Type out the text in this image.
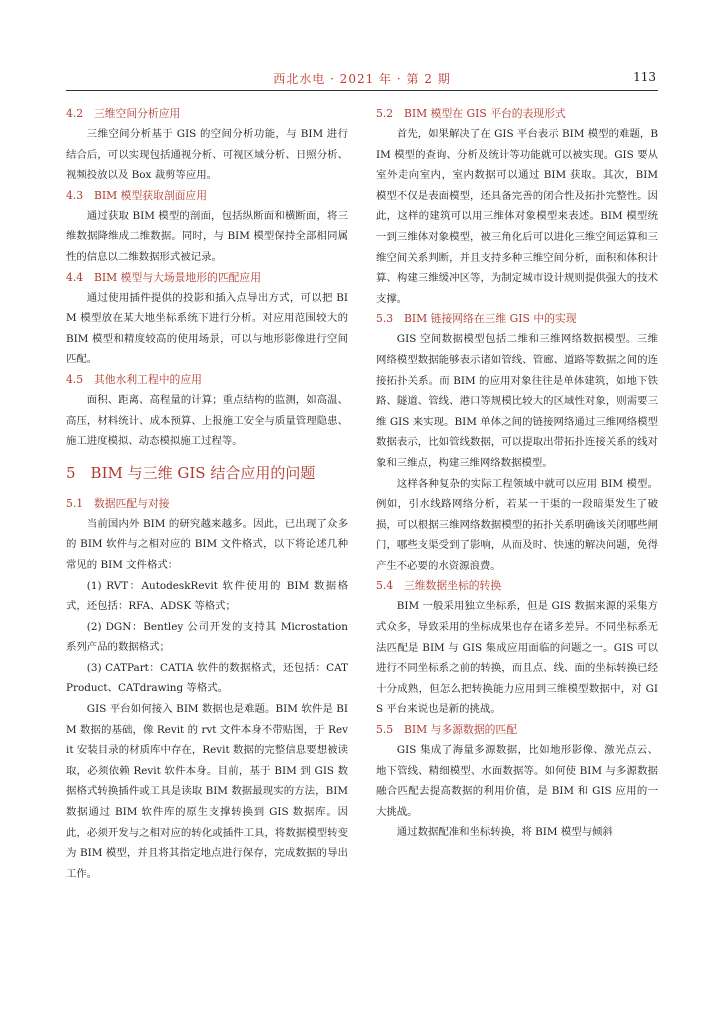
西北水电 · 2021 年 · 第 2 期	113
4.2　三维空间分析应用

三维空间分析基于 GIS 的空间分析功能，与 BIM 进行结合后，可以实现包括通视分析、可视区域分析、日照分析、视频投放以及 Box 裁剪等应用。

4.3　BIM 模型获取剖面应用

通过获取 BIM 模型的剖面，包括纵断面和横断面，将三维数据降维成二维数据。同时，与 BIM 模型保持全部相同属性的信息以二维数据形式被记录。

4.4　BIM 模型与大场景地形的匹配应用

通过使用插件提供的投影和插入点导出方式，可以把 BIM 模型放在某大地坐标系统下进行分析。对应用范围较大的 BIM 模型和精度较高的使用场景，可以与地形影像进行空间匹配。

4.5　其他水利工程中的应用

面积、距离、高程量的计算；重点结构的监测，如高温、高压，材料统计、成本预算、上报施工安全与质量管理隐患、施工进度模拟、动态模拟施工过程等。

5　BIM 与三维 GIS 结合应用的问题
5.1　数据匹配与对接

当前国内外 BIM 的研究越来越多。因此，已出现了众多的 BIM 软件与之相对应的 BIM 文件格式，以下将论述几种常见的 BIM 文件格式：

(1) RVT：AutodeskRevit 软件使用的 BIM 数据格式，还包括：RFA、ADSK 等格式；

(2) DGN：Bentley 公司开发的支持其 Microstation 系列产品的数据格式；

(3) CATPart：CATIA 软件的数据格式，还包括：CATProduct、CATdrawing 等格式。

GIS 平台如何接入 BIM 数据也是难题。BIM 软件是 BIM 数据的基础，像 Revit 的 rvt 文件本身不带贴图，于 Revit 安装目录的材质库中存在，Revit 数据的完整信息要想被读取，必须依赖 Revit 软件本身。目前，基于 BIM 到 GIS 数据格式转换插件或工具是读取 BIM 数据最现实的方法，BIM 数据通过 BIM 软件库的原生支撑转换到 GIS 数据库。因此，必须开发与之相对应的转化或插件工具，将数据模型转变为 BIM 模型，并且将其指定地点进行保存，完成数据的导出工作。

5.2　BIM 模型在 GIS 平台的表现形式

首先，如果解决了在 GIS 平台表示 BIM 模型的难题，BIM 模型的查询、分析及统计等功能就可以被实现。GIS 要从室外走向室内，室内数据可以通过 BIM 获取。其次，BIM 模型不仅是表面模型，还具备完善的闭合性及拓扑完整性。因此，这样的建筑可以用三维体对象模型来表述。BIM 模型统一到三维体对象模型，被三角化后可以进化三维空间运算和三维空间关系判断，并且支持多种三维空间分析，面积和体积计算、构建三维缓冲区等，为制定城市设计规则提供强大的技术支撑。

5.3　BIM 链接网络在三维 GIS 中的实现

GIS 空间数据模型包括二维和三维网络数据模型。三维网络模型数据能够表示诸如管线、管廊、道路等数据之间的连接拓扑关系。而 BIM 的应用对象往往是单体建筑，如地下铁路、隧道、管线、港口等规模比较大的区域性对象，则需要三维 GIS 来实现。BIM 单体之间的链接网络通过三维网络模型数据表示，比如管线数据，可以提取出带拓扑连接关系的线对象和三维点，构建三维网络数据模型。

这样各种复杂的实际工程领域中就可以应用 BIM 模型。例如，引水线路网络分析，若某一干渠的一段暗渠发生了破损，可以根据三维网络数据模型的拓扑关系明确该关闭哪些闸门，哪些支渠受到了影响，从而及时、快速的解决问题，免得产生不必要的水资源浪费。

5.4　三维数据坐标的转换

BIM 一般采用独立坐标系，但是 GIS 数据来源的采集方式众多，导致采用的坐标成果也存在诸多差异。不同坐标系无法匹配是 BIM 与 GIS 集成应用面临的问题之一。GIS 可以进行不同坐标系之前的转换，而且点、线、面的坐标转换已经十分成熟，但怎么把转换能力应用到三维模型数据中，对 GIS 平台来说也是新的挑战。

5.5　BIM 与多源数据的匹配

GIS 集成了海量多源数据，比如地形影像、激光点云、地下管线、精细模型、水面数据等。如何使 BIM 与多源数据融合匹配去提高数据的利用价值，是 BIM 和 GIS 应用的一大挑战。

通过数据配准和坐标转换，将 BIM 模型与倾斜
